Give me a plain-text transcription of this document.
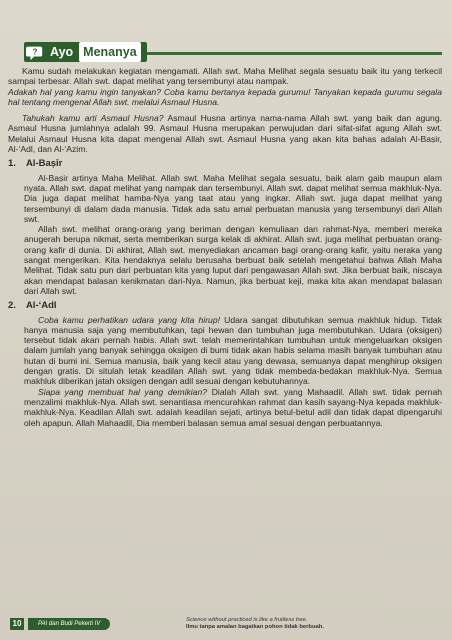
? Ayo Menanya

Kamu sudah melakukan kegiatan mengamati. Allah swt. Maha Melihat segala sesuatu baik itu yang terkecil sampai terbesar. Allah swt. dapat melihat yang tersembunyi atau nampak.

Adakah hal yang kamu ingin tanyakan? Coba kamu bertanya kepada gurumu! Tanyakan kepada gurumu segala hal tentang mengenal Allah swt. melalui Asmaul Husna.

Tahukah kamu arti Asmaul Husna? Asmaul Husna artinya nama-nama Allah swt. yang baik dan agung. Asmaul Husna jumlahnya adalah 99. Asmaul Husna merupakan perwujudan dari sifat-sifat agung Allah swt. Melalui Asmaul Husna kita dapat mengenal Allah swt. Asmaul Husna yang akan kita bahas adalah Al-Baṣir, Al-‘Adl, dan Al-‘Azim.

1. Al-Baṣīr

Al-Baṣir artinya Maha Melihat. Allah swt. Maha Melihat segala sesuatu, baik alam gaib maupun alam nyata. Allah swt. dapat melihat yang nampak dan tersembunyi. Allah swt. dapat melihat semua makhluk-Nya. Dia juga dapat melihat hamba-Nya yang taat atau yang ingkar. Allah swt. juga dapat melihat yang tersembunyi di dalam dada manusia. Tidak ada satu amal perbuatan manusia yang tersembunyi dari Allah swt.

Allah swt. melihat orang-orang yang beriman dengan kemuliaan dan rahmat-Nya, memberi mereka anugerah berupa nikmat, serta memberikan surga kelak di akhirat. Allah swt. juga melihat perbuatan orang-orang kafir di dunia. Di akhirat, Allah swt. menyediakan ancaman bagi orang-orang kafir, yaitu neraka yang sangat mengerikan. Kita hendaknya selalu berusaha berbuat baik setelah mengetahui bahwa Allah Maha Melihat. Tidak satu pun dari perbuatan kita yang luput dari pengawasan Allah swt. Jika berbuat baik, niscaya akan mendapat balasan kenikmatan dari-Nya. Namun, jika berbuat keji, maka kita akan mendapat balasan dari Allah swt.

2. Al-‘Adl

Coba kamu perhatikan udara yang kita hirup! Udara sangat dibutuhkan semua makhluk hidup. Tidak hanya manusia saja yang membutuhkan, tapi hewan dan tumbuhan juga membutuhkan. Udara (oksigen) tersebut tidak akan pernah habis. Allah swt. telah memerintahkan tumbuhan untuk mengeluarkan oksigen dalam jumlah yang banyak sehingga oksigen di bumi tidak akan habis selama masih banyak tumbuhan atau hutan di bumi ini. Semua manusia, baik yang kecil atau yang dewasa, semuanya dapat menghirup oksigen dengan gratis. Di situlah letak keadilan Allah swt. yang tidak membeda-bedakan makhluk-Nya. Semua makhluk diberikan jatah oksigen dengan adil sesuai dengan kebutuhannya.

Siapa yang membuat hal yang demikian? Dialah Allah swt. yang Mahaadil. Allah swt. tidak pernah menzalimi makhluk-Nya. Allah swt. senantiasa mencurahkan rahmat dan kasih sayang-Nya kepada makhluk-makhluk-Nya. Keadilan Allah swt. adalah keadilan sejati, artinya betul-betul adil dan tidak dapat dipengaruhi oleh apapun. Allah Mahaadil, Dia memberi balasan semua amal sesuai dengan perbuatannya.

10	PAI dan Budi Pekerti IV
Science without practiced is like a fruitless tree.
Ilmu tanpa amalan bagaikan pohon tidak berbuah.
